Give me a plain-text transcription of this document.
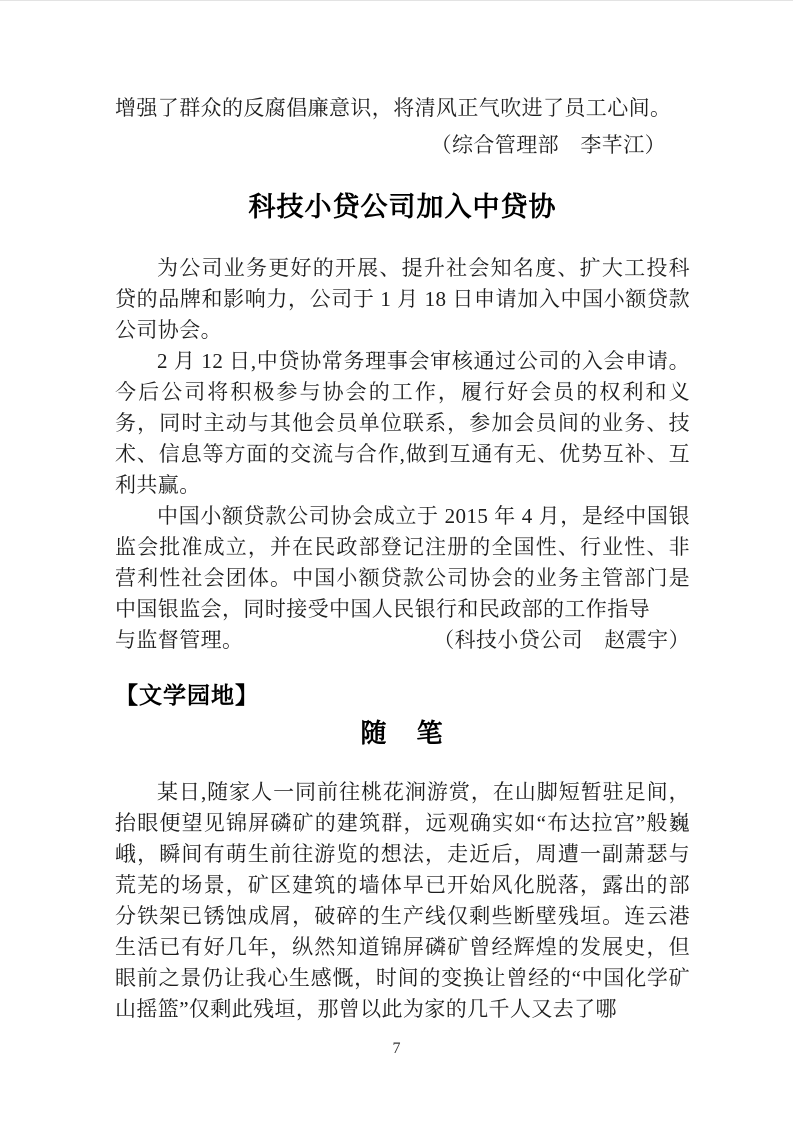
增强了群众的反腐倡廉意识，将清风正气吹进了员工心间。

（综合管理部　李芊江）

科技小贷公司加入中贷协

为公司业务更好的开展、提升社会知名度、扩大工投科贷的品牌和影响力，公司于 1 月 18 日申请加入中国小额贷款公司协会。

2 月 12 日,中贷协常务理事会审核通过公司的入会申请。今后公司将积极参与协会的工作，履行好会员的权利和义务，同时主动与其他会员单位联系，参加会员间的业务、技术、信息等方面的交流与合作,做到互通有无、优势互补、互利共赢。

中国小额贷款公司协会成立于 2015 年 4 月，是经中国银监会批准成立，并在民政部登记注册的全国性、行业性、非营利性社会团体。中国小额贷款公司协会的业务主管部门是中国银监会，同时接受中国人民银行和民政部的工作指导

与监督管理。	（科技小贷公司　赵震宇）
【文学园地】
随　笔

某日,随家人一同前往桃花涧游赏，在山脚短暂驻足间，抬眼便望见锦屏磷矿的建筑群，远观确实如“布达拉宫”般巍峨，瞬间有萌生前往游览的想法，走近后，周遭一副萧瑟与荒芜的场景，矿区建筑的墙体早已开始风化脱落，露出的部分铁架已锈蚀成屑，破碎的生产线仅剩些断壁残垣。连云港生活已有好几年，纵然知道锦屏磷矿曾经辉煌的发展史，但眼前之景仍让我心生感慨，时间的变换让曾经的“中国化学矿山摇篮”仅剩此残垣，那曾以此为家的几千人又去了哪

7
